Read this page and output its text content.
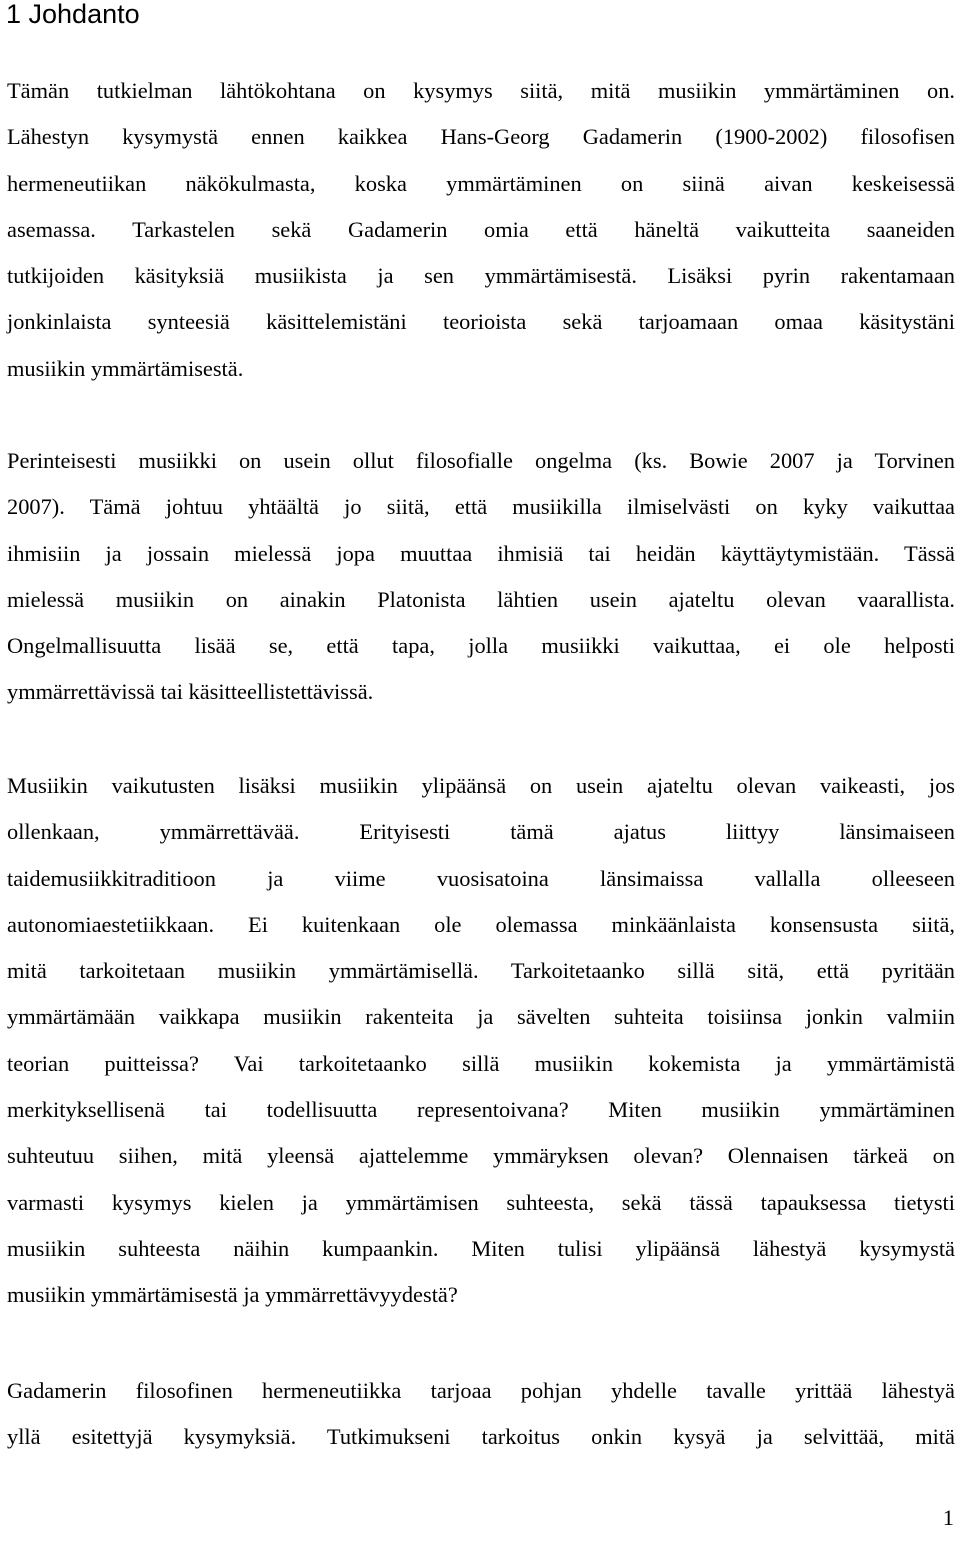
1 Johdanto
Tämän tutkielman lähtökohtana on kysymys siitä, mitä musiikin ymmärtäminen on.
Lähestyn kysymystä ennen kaikkea Hans-Georg Gadamerin (1900-2002) filosofisen
hermeneutiikan näkökulmasta, koska ymmärtäminen on siinä aivan keskeisessä
asemassa. Tarkastelen sekä Gadamerin omia että häneltä vaikutteita saaneiden
tutkijoiden käsityksiä musiikista ja sen ymmärtämisestä. Lisäksi pyrin rakentamaan
jonkinlaista synteesiä käsittelemistäni teorioista sekä tarjoamaan omaa käsitystäni
musiikin ymmärtämisestä.
Perinteisesti musiikki on usein ollut filosofialle ongelma (ks. Bowie 2007 ja Torvinen
2007). Tämä johtuu yhtäältä jo siitä, että musiikilla ilmiselvästi on kyky vaikuttaa
ihmisiin ja jossain mielessä jopa muuttaa ihmisiä tai heidän käyttäytymistään. Tässä
mielessä musiikin on ainakin Platonista lähtien usein ajateltu olevan vaarallista.
Ongelmallisuutta lisää se, että tapa, jolla musiikki vaikuttaa, ei ole helposti
ymmärrettävissä tai käsitteellistettävissä.
Musiikin vaikutusten lisäksi musiikin ylipäänsä on usein ajateltu olevan vaikeasti, jos
ollenkaan, ymmärrettävää. Erityisesti tämä ajatus liittyy länsimaiseen
taidemusiikkitraditioon ja viime vuosisatoina länsimaissa vallalla olleeseen
autonomiaestetiikkaan. Ei kuitenkaan ole olemassa minkäänlaista konsensusta siitä,
mitä tarkoitetaan musiikin ymmärtämisellä. Tarkoitetaanko sillä sitä, että pyritään
ymmärtämään vaikkapa musiikin rakenteita ja sävelten suhteita toisiinsa jonkin valmiin
teorian puitteissa? Vai tarkoitetaanko sillä musiikin kokemista ja ymmärtämistä
merkityksellisenä tai todellisuutta representoivana? Miten musiikin ymmärtäminen
suhteutuu siihen, mitä yleensä ajattelemme ymmäryksen olevan? Olennaisen tärkeä on
varmasti kysymys kielen ja ymmärtämisen suhteesta, sekä tässä tapauksessa tietysti
musiikin suhteesta näihin kumpaankin. Miten tulisi ylipäänsä lähestyä kysymystä
musiikin ymmärtämisestä ja ymmärrettävyydestä?
Gadamerin filosofinen hermeneutiikka tarjoaa pohjan yhdelle tavalle yrittää lähestyä
yllä esitettyjä kysymyksiä. Tutkimukseni tarkoitus onkin kysyä ja selvittää, mitä
1
